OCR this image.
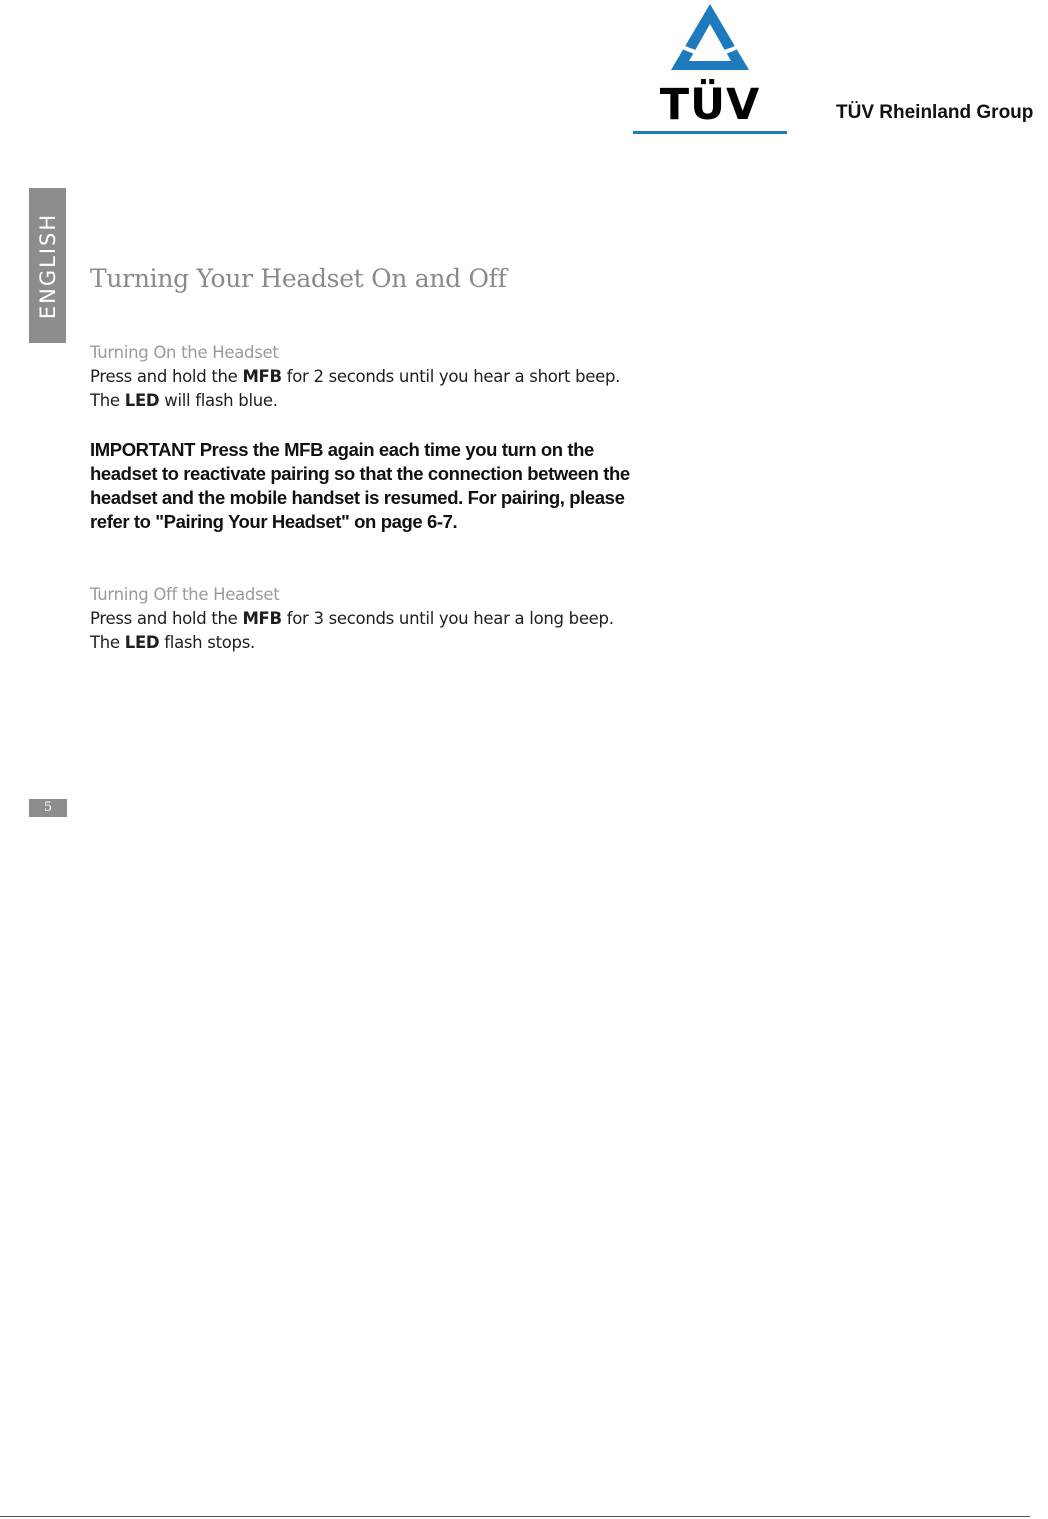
TÜV	TÜV Rheinland Group
ENGLISH Turning Your Headset On and Off
Turning On the Headset
Press and hold the MFB for 2 seconds until you hear a short beep.
The LED will flash blue.
IMPORTANT Press the MFB again each time you turn on the
headset to reactivate pairing so that the connection between the
headset and the mobile handset is resumed. For pairing, please
refer to "Pairing Your Headset" on page 6-7.
Turning Off the Headset
Press and hold the MFB for 3 seconds until you hear a long beep.
The LED flash stops.
5
